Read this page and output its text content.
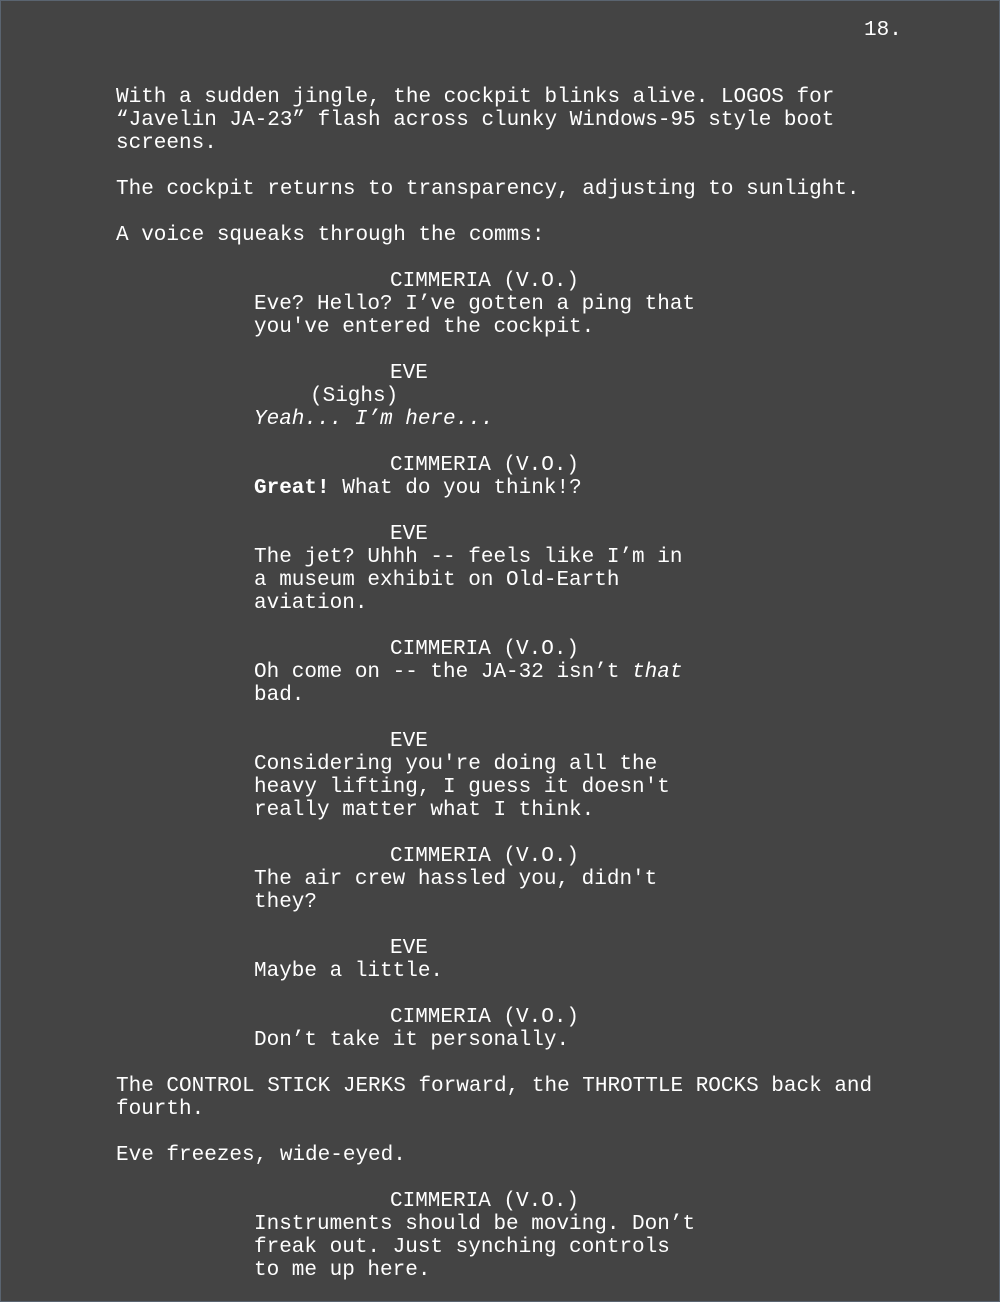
18.
With a sudden jingle, the cockpit blinks alive. LOGOS for
“Javelin JA-23” flash across clunky Windows-95 style boot
screens.
The cockpit returns to transparency, adjusting to sunlight.
A voice squeaks through the comms:
CIMMERIA (V.O.)
Eve? Hello? I’ve gotten a ping that
you've entered the cockpit.
EVE
(Sighs)
Yeah... I’m here...
CIMMERIA (V.O.)
Great! What do you think!?
EVE
The jet? Uhhh -- feels like I’m in
a museum exhibit on Old-Earth
aviation.
CIMMERIA (V.O.)
Oh come on -- the JA-32 isn’t that
bad.
EVE
Considering you're doing all the
heavy lifting, I guess it doesn't
really matter what I think.
CIMMERIA (V.O.)
The air crew hassled you, didn't
they?
EVE
Maybe a little.
CIMMERIA (V.O.)
Don’t take it personally.
The CONTROL STICK JERKS forward, the THROTTLE ROCKS back and
fourth.
Eve freezes, wide-eyed.
CIMMERIA (V.O.)
Instruments should be moving. Don’t
freak out. Just synching controls
to me up here.
